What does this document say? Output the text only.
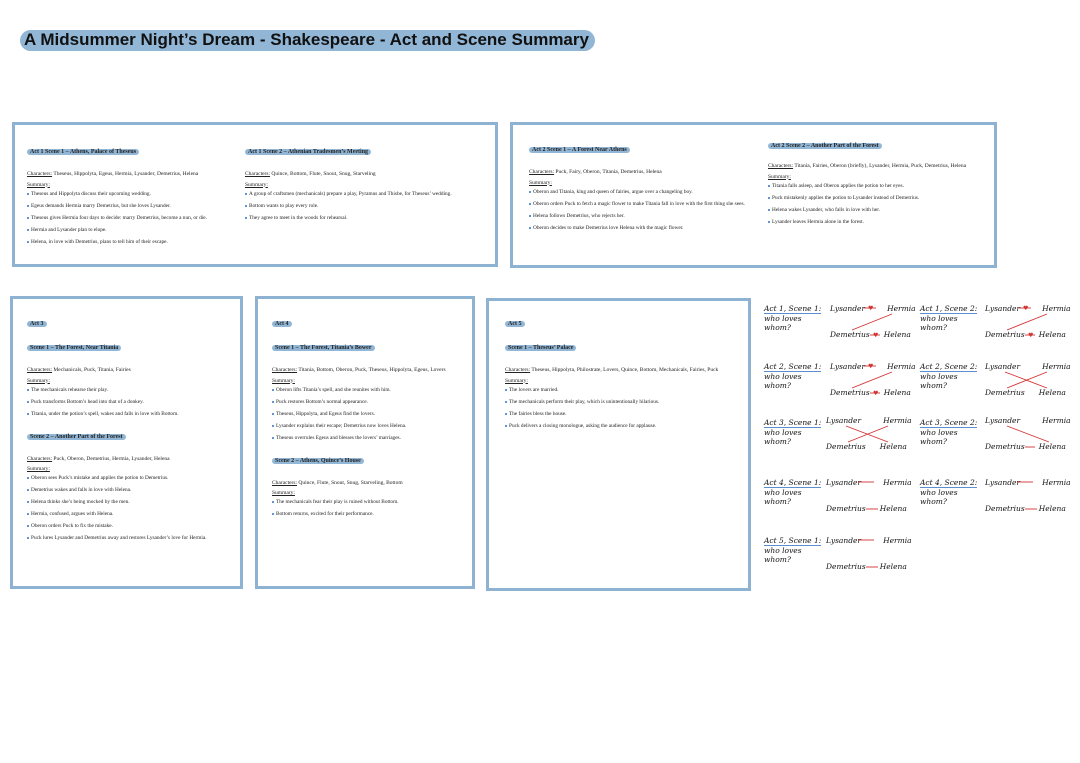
A Midsummer Night’s Dream - Shakespeare - Act and Scene Summary
Act 1 Scene 1 – Athens, Palace of Theseus
Characters: Theseus, Hippolyta, Egeus, Hermia, Lysander, Demetrius, Helena
Summary:
Theseus and Hippolyta discuss their upcoming wedding.
Egeus demands Hermia marry Demetrius, but she loves Lysander.
Theseus gives Hermia four days to decide: marry Demetrius, become a nun, or die.
Hermia and Lysander plan to elope.
Helena, in love with Demetrius, plans to tell him of their escape.
Act 1 Scene 2 – Athenian Tradesmen’s Meeting
Characters: Quince, Bottom, Flute, Snout, Snug, Starveling
Summary:
A group of craftsmen (mechanicals) prepare a play, Pyramus and Thisbe, for Theseus’ wedding.
Bottom wants to play every role.
They agree to meet in the woods for rehearsal.
Act 2 Scene 1 – A Forest Near Athens
Characters: Puck, Fairy, Oberon, Titania, Demetrius, Helena
Summary:
Oberon and Titania, king and queen of fairies, argue over a changeling boy.
Oberon orders Puck to fetch a magic flower to make Titania fall in love with the first thing she sees.
Helena follows Demetrius, who rejects her.
Oberon decides to make Demetrius love Helena with the magic flower.
Act 2 Scene 2 – Another Part of the Forest
Characters: Titania, Fairies, Oberon (briefly), Lysander, Hermia, Puck, Demetrius, Helena
Summary:
Titania falls asleep, and Oberon applies the potion to her eyes.
Puck mistakenly applies the potion to Lysander instead of Demetrius.
Helena wakes Lysander, who falls in love with her.
Lysander leaves Hermia alone in the forest.
Act 3
Scene 1 – The Forest, Near Titania
Characters: Mechanicals, Puck, Titania, Fairies
Summary:
The mechanicals rehearse their play.
Puck transforms Bottom’s head into that of a donkey.
Titania, under the potion’s spell, wakes and falls in love with Bottom.
Scene 2 – Another Part of the Forest
Characters: Puck, Oberon, Demetrius, Hermia, Lysander, Helena
Summary:
Oberon sees Puck’s mistake and applies the potion to Demetrius.
Demetrius wakes and falls in love with Helena.
Helena thinks she’s being mocked by the men.
Hermia, confused, argues with Helena.
Oberon orders Puck to fix the mistake.
Puck lures Lysander and Demetrius away and restores Lysander’s love for Hermia.
Act 4
Scene 1 – The Forest, Titania’s Bower
Characters: Titania, Bottom, Oberon, Puck, Theseus, Hippolyta, Egeus, Lovers
Summary:
Oberon lifts Titania’s spell, and she reunites with him.
Puck restores Bottom’s normal appearance.
Theseus, Hippolyta, and Egeus find the lovers.
Lysander explains their escape; Demetrius now loves Helena.
Theseus overrules Egeus and blesses the lovers’ marriages.
Scene 2 – Athens, Quince’s House
Characters: Quince, Flute, Snout, Snug, Starveling, Bottom
Summary:
The mechanicals fear their play is ruined without Bottom.
Bottom returns, excited for their performance.
Act 5
Scene 1 – Theseus’ Palace
Characters: Theseus, Hippolyta, Philostrate, Lovers, Quince, Bottom, Mechanicals, Fairies, Puck
Summary:
The lovers are married.
The mechanicals perform their play, which is unintentionally hilarious.
The fairies bless the house.
Puck delivers a closing monologue, asking the audience for applause.
Act 1, Scene 1:
who loves
whom?
Lysander	Hermia
Demetrius Helena
♥
♥
Act 1, Scene 2:
who loves
whom?
Lysander	Hermia
Demetrius Helena
♥
♥
Act 2, Scene 1:
who loves
whom?
Lysander	Hermia
Demetrius Helena
♥
♥
Act 2, Scene 2:
who loves
whom?
Lysander	Hermia
Demetrius Helena
Act 3, Scene 1:
who loves
whom?
Lysander	Hermia
Demetrius Helena
Act 3, Scene 2:
who loves
whom?
Lysander	Hermia
Demetrius Helena
Act 4, Scene 1:
who loves
whom?
Lysander	Hermia
Demetrius Helena
Act 4, Scene 2:
who loves
whom?
Lysander	Hermia
Demetrius Helena
Act 5, Scene 1:
who loves
whom?
Lysander	Hermia
Demetrius Helena
